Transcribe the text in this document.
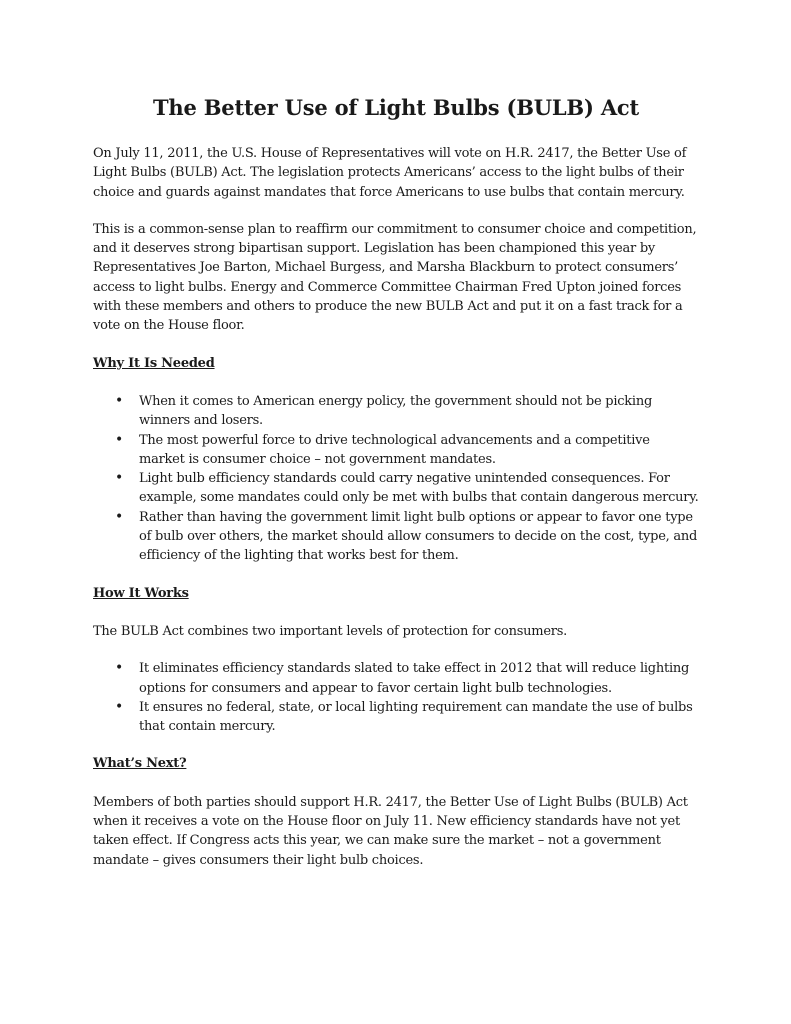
The Better Use of Light Bulbs (BULB) Act

On July 11, 2011, the U.S. House of Representatives will vote on H.R. 2417, the Better Use of Light Bulbs (BULB) Act. The legislation protects Americans’ access to the light bulbs of their choice and guards against mandates that force Americans to use bulbs that contain mercury.

This is a common-sense plan to reaffirm our commitment to consumer choice and competition, and it deserves strong bipartisan support. Legislation has been championed this year by Representatives Joe Barton, Michael Burgess, and Marsha Blackburn to protect consumers’ access to light bulbs. Energy and Commerce Committee Chairman Fred Upton joined forces with these members and others to produce the new BULB Act and put it on a fast track for a vote on the House floor.

Why It Is Needed
• When it comes to American energy policy, the government should not be picking winners and losers.
• The most powerful force to drive technological advancements and a competitive market is consumer choice – not government mandates.
• Light bulb efficiency standards could carry negative unintended consequences. For example, some mandates could only be met with bulbs that contain dangerous mercury.
• Rather than having the government limit light bulb options or appear to favor one type of bulb over others, the market should allow consumers to decide on the cost, type, and efficiency of the lighting that works best for them.
How It Works

The BULB Act combines two important levels of protection for consumers.

• It eliminates efficiency standards slated to take effect in 2012 that will reduce lighting options for consumers and appear to favor certain light bulb technologies.
• It ensures no federal, state, or local lighting requirement can mandate the use of bulbs that contain mercury.
What’s Next?

Members of both parties should support H.R. 2417, the Better Use of Light Bulbs (BULB) Act when it receives a vote on the House floor on July 11. New efficiency standards have not yet taken effect. If Congress acts this year, we can make sure the market – not a government mandate – gives consumers their light bulb choices.
